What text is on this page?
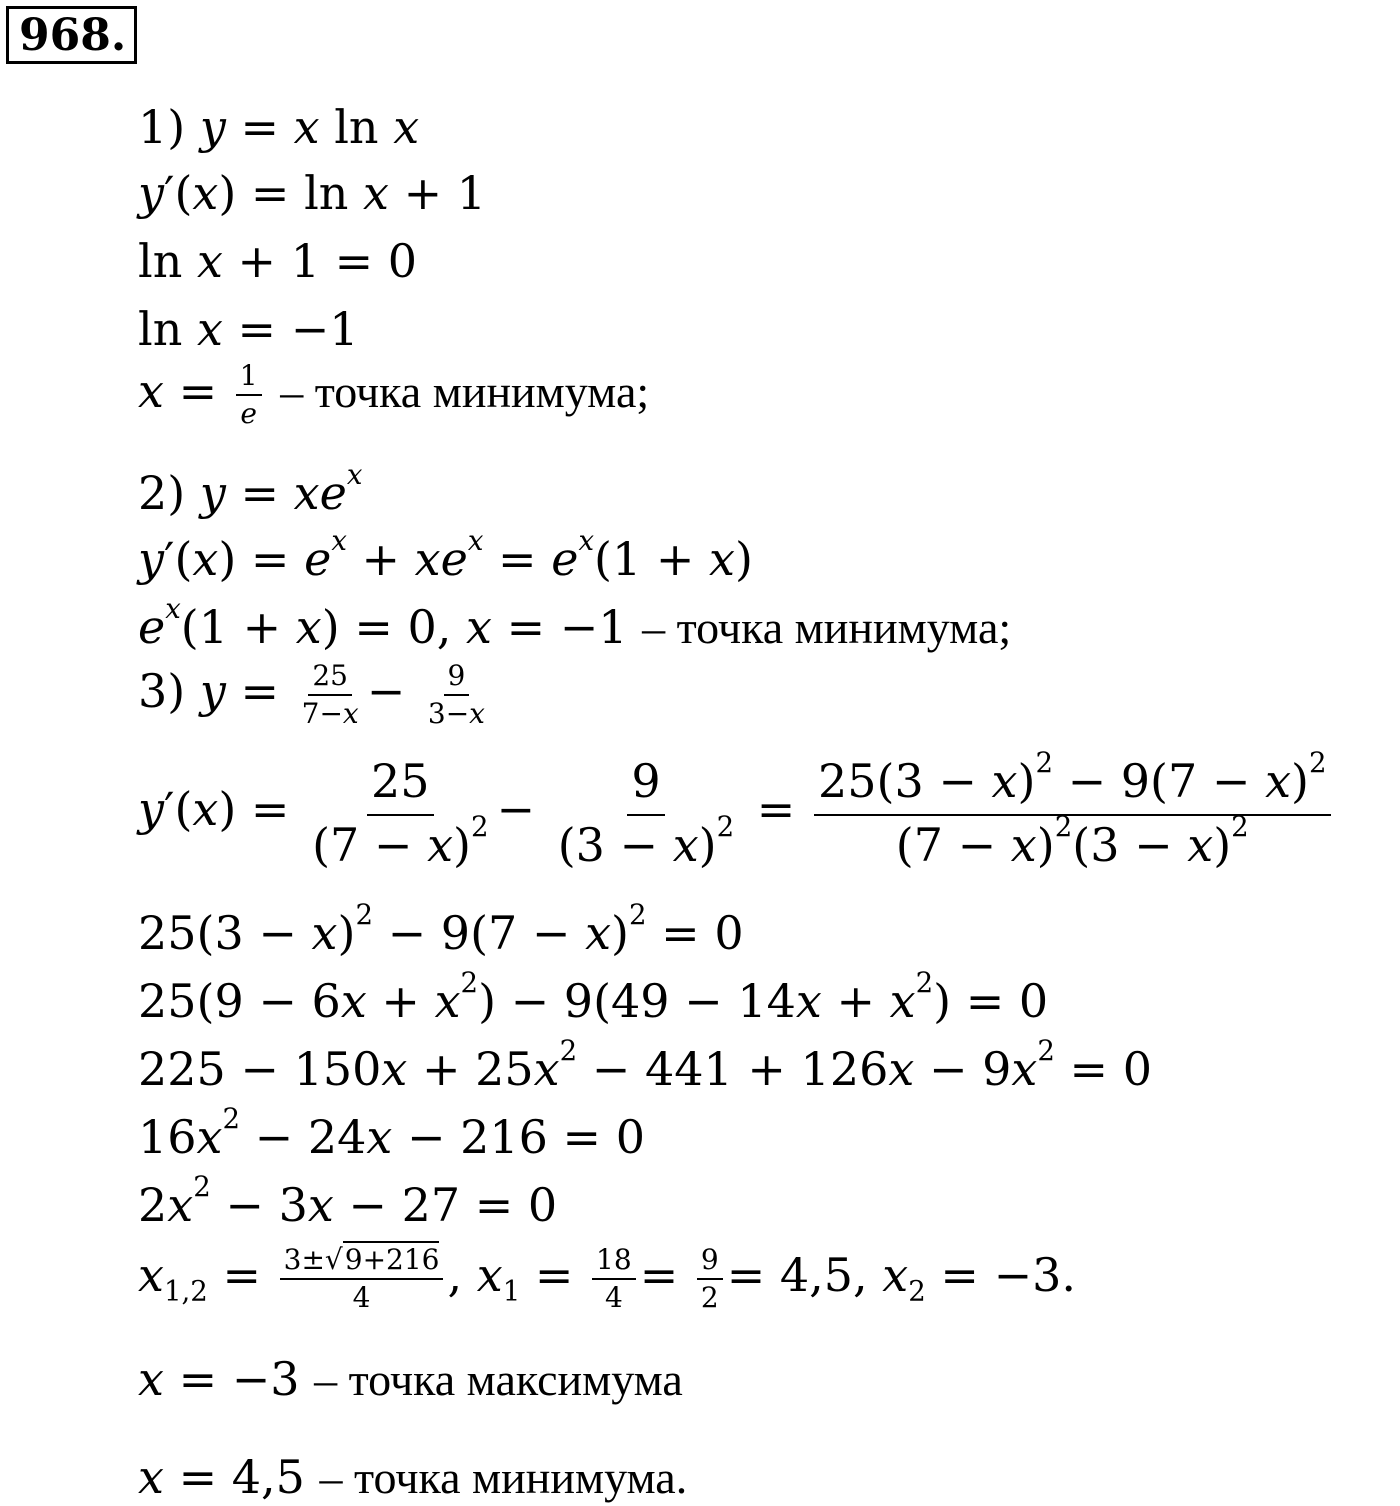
968.
1) y = x ln x
y′(x) = ln x + 1
ln x + 1 = 0
ln x = −1
$x = \frac{1}{e}$ – точка минимума;
2) $y = xe^x$
$y'(x) = e^x + xe^x = e^x(1 + x)$
$e^x(1 + x) = 0$, x = −1 – точка минимума;
3) $y = \frac{25}{7-x} - \frac{9}{3-x}$
$y'(x) = \frac{25}{(7 - x)^2} - \frac{9}{(3 - x)^2} = \frac{25(3 - x)^2 - 9(7 - x)^2}{(7 - x)^2(3 - x)^2}$
$25(3 - x)^2 - 9(7 - x)^2 = 0$
$25(9 - 6x + x^2) - 9(49 - 14x + x^2) = 0$
$225 - 150x + 25x^2 - 441 + 126x - 9x^2 = 0$
$16x^2 - 24x - 216 = 0$
$2x^2 - 3x - 27 = 0$
$x_{1,2} = \frac{3\pm√9+216}{4}$ , $x_1 = \frac{18}{4} = \frac{9}{2} = 4,5$, $x_2 = -3$.
x = −3 – точка максимума
x = 4,5 – точка минимума.
